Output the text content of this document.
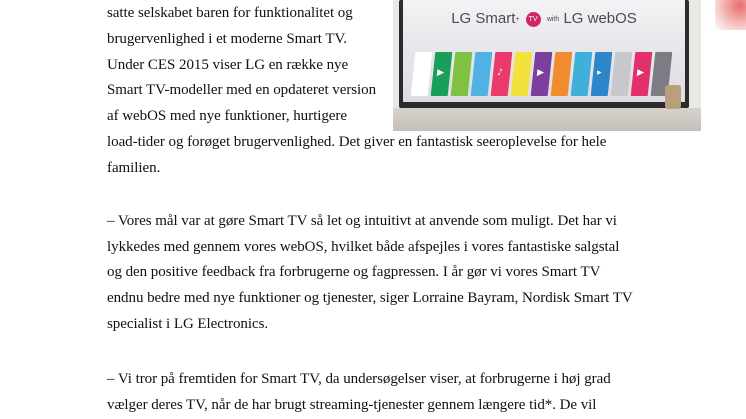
satte selskabet baren for funktionalitet og
brugervenlighed i et moderne Smart TV.
Under CES 2015 viser LG en række nye
Smart TV-modeller med en opdateret version
af webOS med nye funktioner, hurtigere
load-tider og forøget brugervenlighed. Det giver en fantastisk seeroplevelse for hele
familien.
– Vores mål var at gøre Smart TV så let og intuitivt at anvende som muligt. Det har vi
lykkedes med gennem vores webOS, hvilket både afspejles i vores fantastiske salgstal
og den positive feedback fra forbrugerne og fagpressen. I år gør vi vores Smart TV
endnu bedre med nye funktioner og tjenester, siger Lorraine Bayram, Nordisk Smart TV
specialist i LG Electronics.
– Vi tror på fremtiden for Smart TV, da undersøgelser viser, at forbrugerne i høj grad
vælger deres TV, når de har brugt streaming-tjenester gennem længere tid*. De vil
LG Smart+ TV with LG webOS
▶	♪	▶	▸	▶
